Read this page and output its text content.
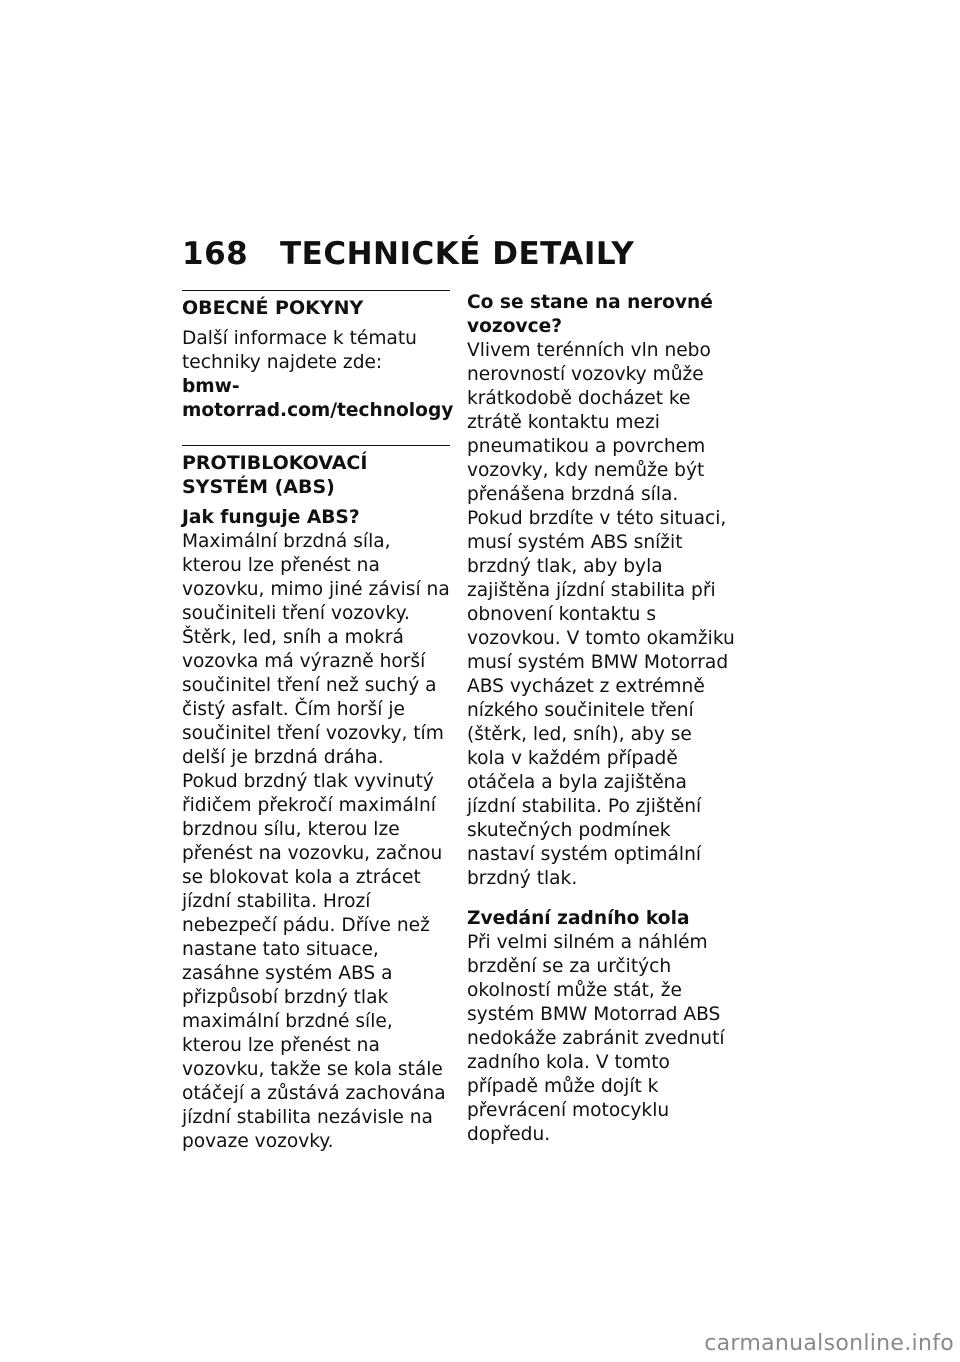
168 TECHNICKÉ DETAILY
OBECNÉ POKYNY

Další informace k tématu techniky najdete zde:

bmw-motorrad.com/technology

PROTIBLOKOVACÍ SYSTÉM (ABS)

Jak funguje ABS?

Maximální brzdná síla, kterou lze přenést na vozovku, mimo jiné závisí na součiniteli tření vozovky. Štěrk, led, sníh a mokrá vozovka má výrazně horší součinitel tření než suchý a čistý asfalt. Čím horší je součinitel tření vozovky, tím delší je brzdná dráha.

Pokud brzdný tlak vyvinutý řidičem překročí maximální brzdnou sílu, kterou lze přenést na vozovku, začnou se blokovat kola a ztrácet jízdní stabilita. Hrozí nebezpečí pádu. Dříve než nastane tato situace, zasáhne systém ABS a přizpůsobí brzdný tlak maximální brzdné síle, kterou lze přenést na vozovku, takže se kola stále otáčejí a zůstává zachována jízdní stabilita nezávisle na povaze vozovky.

Co se stane na nerovné vozovce?

Vlivem terénních vln nebo nerovností vozovky může krátkodobě docházet ke ztrátě kontaktu mezi pneumatikou a povrchem vozovky, kdy nemůže být přenášena brzdná síla. Pokud brzdíte v této situaci, musí systém ABS snížit brzdný tlak, aby byla zajištěna jízdní stabilita při obnovení kontaktu s vozovkou. V tomto okamžiku musí systém BMW Motorrad ABS vycházet z extrémně nízkého součinitele tření (štěrk, led, sníh), aby se kola v každém případě otáčela a byla zajištěna jízdní stabilita. Po zjištění skutečných podmínek nastaví systém optimální brzdný tlak.

Zvedání zadního kola

Při velmi silném a náhlém brzdění se za určitých okolností může stát, že systém BMW Motorrad ABS nedokáže zabránit zvednutí zadního kola. V tomto případě může dojít k převrácení motocyklu dopředu.

carmanualsonline.info
